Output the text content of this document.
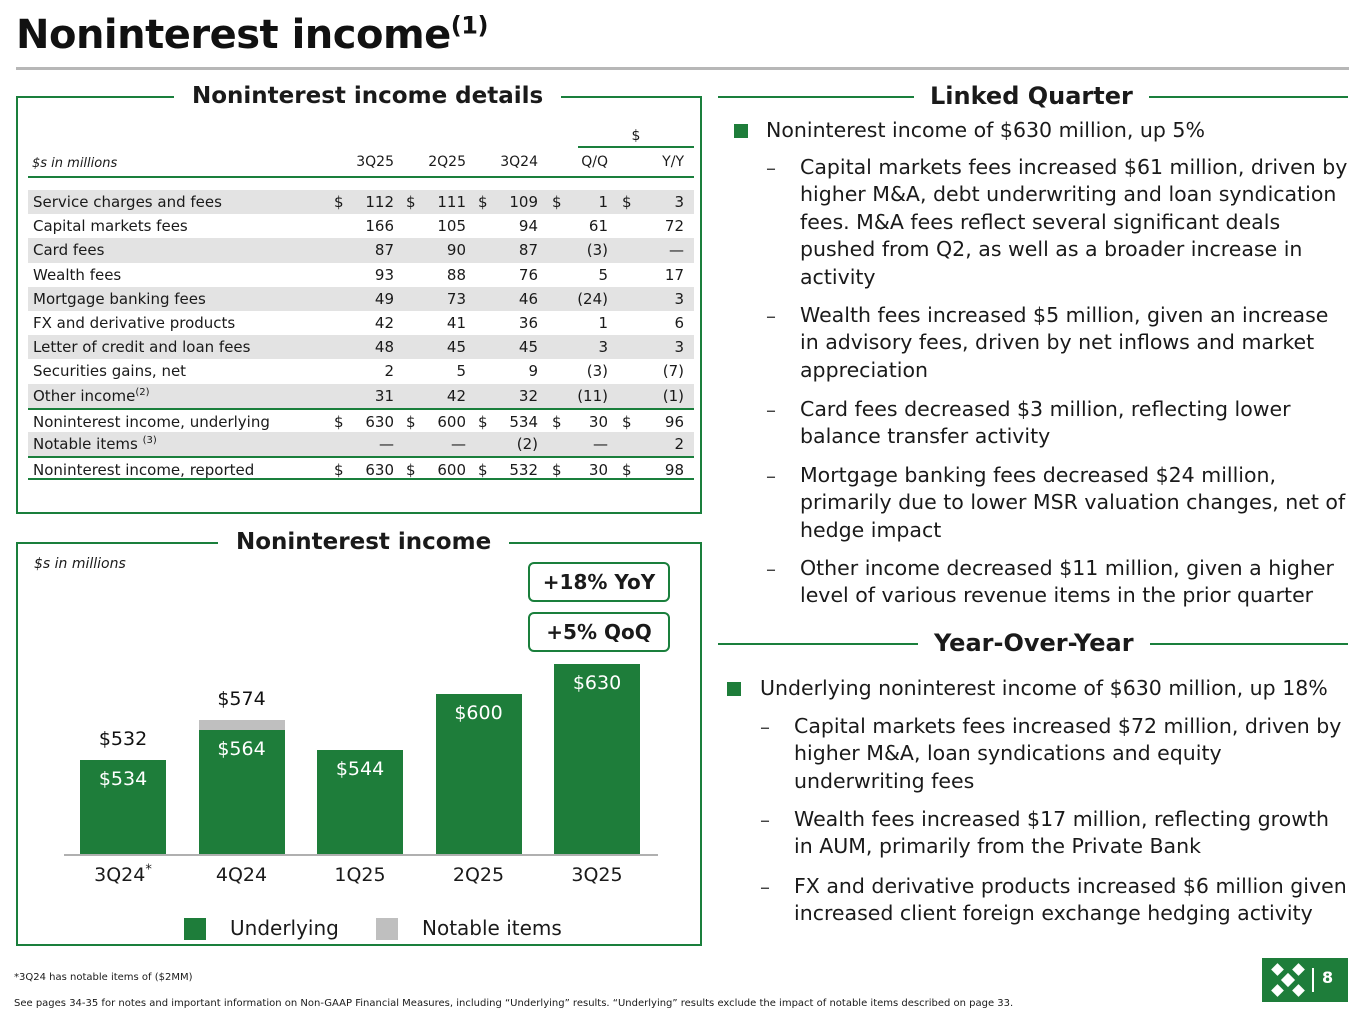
Noninterest income$^{(1)}$
Noninterest income details
$s in millions
$
3Q25	2Q25	3Q24	Q/Q	Y/Y
Service charges and fees	$	112 $	111 $	109 $	1 $	3
Capital markets fees	166	105	94	61	72
Card fees	87	90	87	(3)	—
Wealth fees	93	88	76	5	17
Mortgage banking fees	49	73	46	(24)	3
FX and derivative products	42	41	36	1	6
Letter of credit and loan fees	48	45	45	3	3
Securities gains, net	2	5	9	(3)	(7)
Other income$^{(2)}$	31	42	32	(11)	(1)
Noninterest income, underlying	$	630 $	600 $	534 $	30 $	96
Notable items $^{(3)}$	—	—	(2)	—	2
Noninterest income, reported	$	630 $	600 $	532 $	30 $	98
Noninterest income
$s in millions
+18% YoY
+5% QoQ
$534
$532
3Q24*
$564
$574
4Q24
$544
1Q25
$600
2Q25
$630
3Q25
Underlying	Notable items
Linked Quarter
Noninterest income of $630 million, up 5%
– Capital markets fees increased $61 million, driven by higher M&A, debt underwriting and loan syndication fees. M&A fees reflect several significant deals pushed from Q2, as well as a broader increase in activity
– Wealth fees increased $5 million, given an increase in advisory fees, driven by net inflows and market appreciation
– Card fees decreased $3 million, reflecting lower balance transfer activity
– Mortgage banking fees decreased $24 million, primarily due to lower MSR valuation changes, net of hedge impact
– Other income decreased $11 million, given a higher level of various revenue items in the prior quarter
Year-Over-Year
Underlying noninterest income of $630 million, up 18%
– Capital markets fees increased $72 million, driven by higher M&A, loan syndications and equity underwriting fees
– Wealth fees increased $17 million, reflecting growth in AUM, primarily from the Private Bank
– FX and derivative products increased $6 million given increased client foreign exchange hedging activity
*3Q24 has notable items of ($2MM)
See pages 34-35 for notes and important information on Non-GAAP Financial Measures, including “Underlying” results. “Underlying” results exclude the impact of notable items described on page 33.
8
